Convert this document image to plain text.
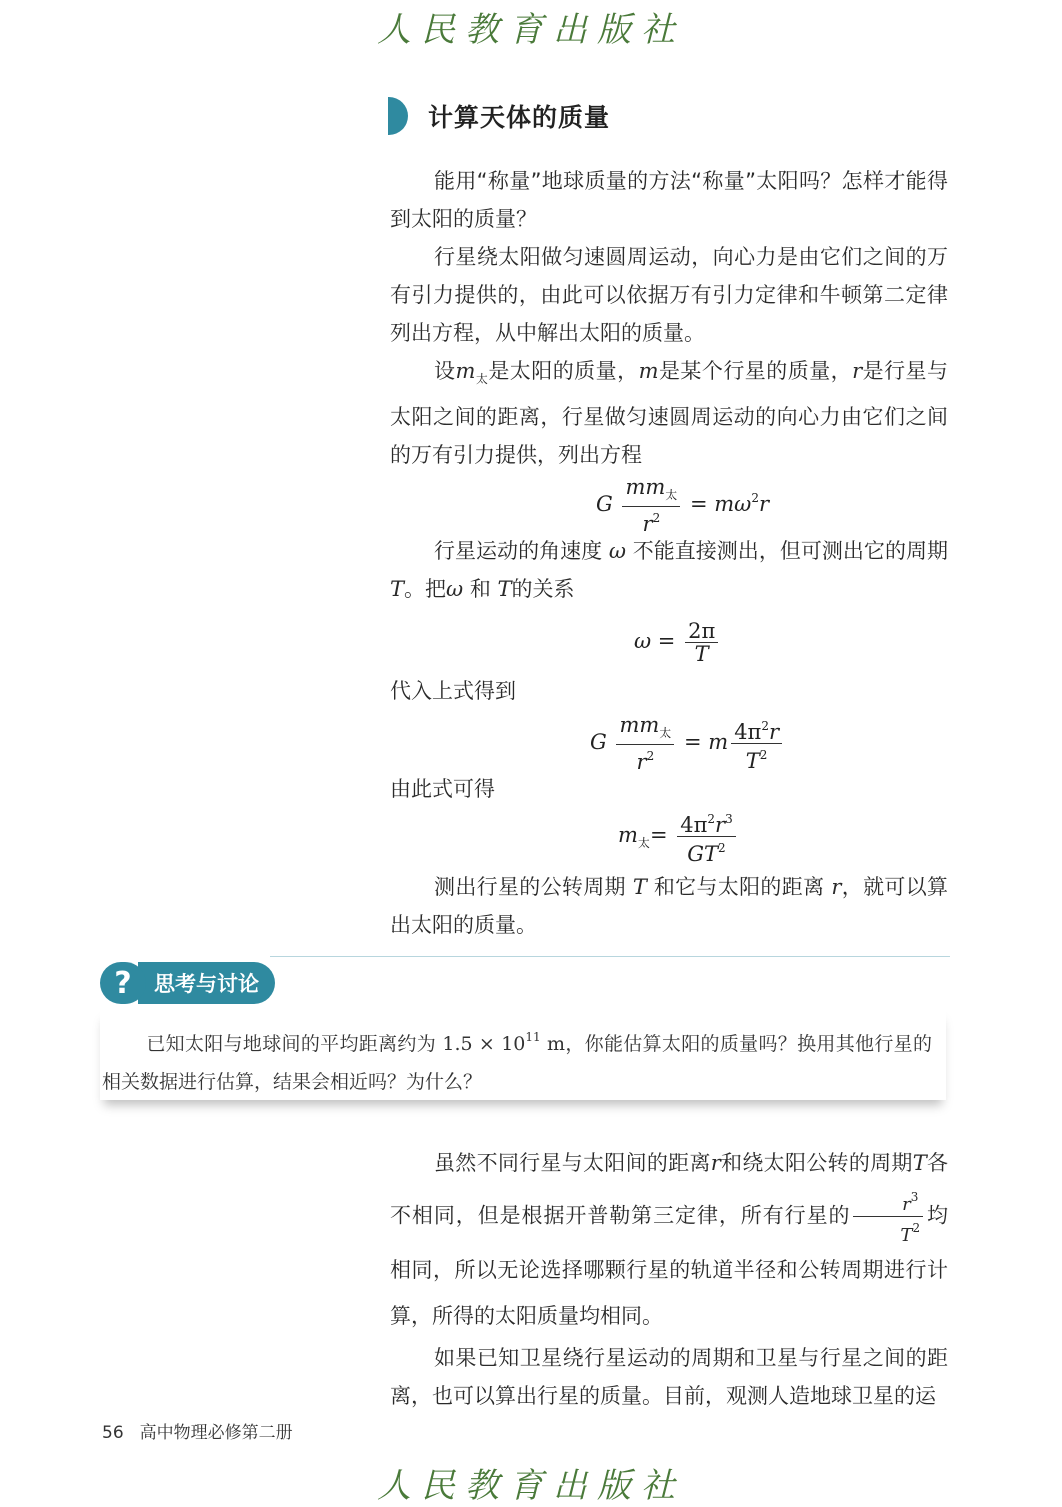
人民教育出版社
计算天体的质量

能用“称量”地球质量的方法“称量”太阳吗？怎样才能得到太阳的质量？

行星绕太阳做匀速圆周运动，向心力是由它们之间的万有引力提供的，由此可以依据万有引力定律和牛顿第二定律列出方程，从中解出太阳的质量。

设$m_太$是太阳的质量，m是某个行星的质量，r是行星与太阳之间的距离，行星做匀速圆周运动的向心力由它们之间的万有引力提供，列出方程

G $\frac{mm_太}{r^2} = m\omega^2r$

行星运动的角速度 ω 不能直接测出，但可测出它的周期 T。把ω 和 T的关系

$\omega = \frac{2\pi}{T}$

代入上式得到

G $\frac{mm_太}{r^2} = m \frac{4\pi^2r}{T^2}$

由此式可得

$m_太= \frac{4\pi^2r^3}{GT^2}$

测出行星的公转周期 T 和它与太阳的距离 r，就可以算出太阳的质量。

?	思考与讨论
已知太阳与地球间的平均距离约为 $1.5 \times 10^{11}$ m，你能估算太阳的质量吗？换用其他行星的相关数据进行估算，结果会相近吗？为什么？

虽然不同行星与太阳间的距离r和绕太阳公转的周期T各不相同，但是根据开普勒第三定律，所有行星的 $\frac{r^3}{T^2}$ 均相同，所以无论选择哪颗行星的轨道半径和公转周期进行计算，所得的太阳质量均相同。

如果已知卫星绕行星运动的周期和卫星与行星之间的距离，也可以算出行星的质量。目前，观测人造地球卫星的运

56 高中物理必修第二册
人民教育出版社
